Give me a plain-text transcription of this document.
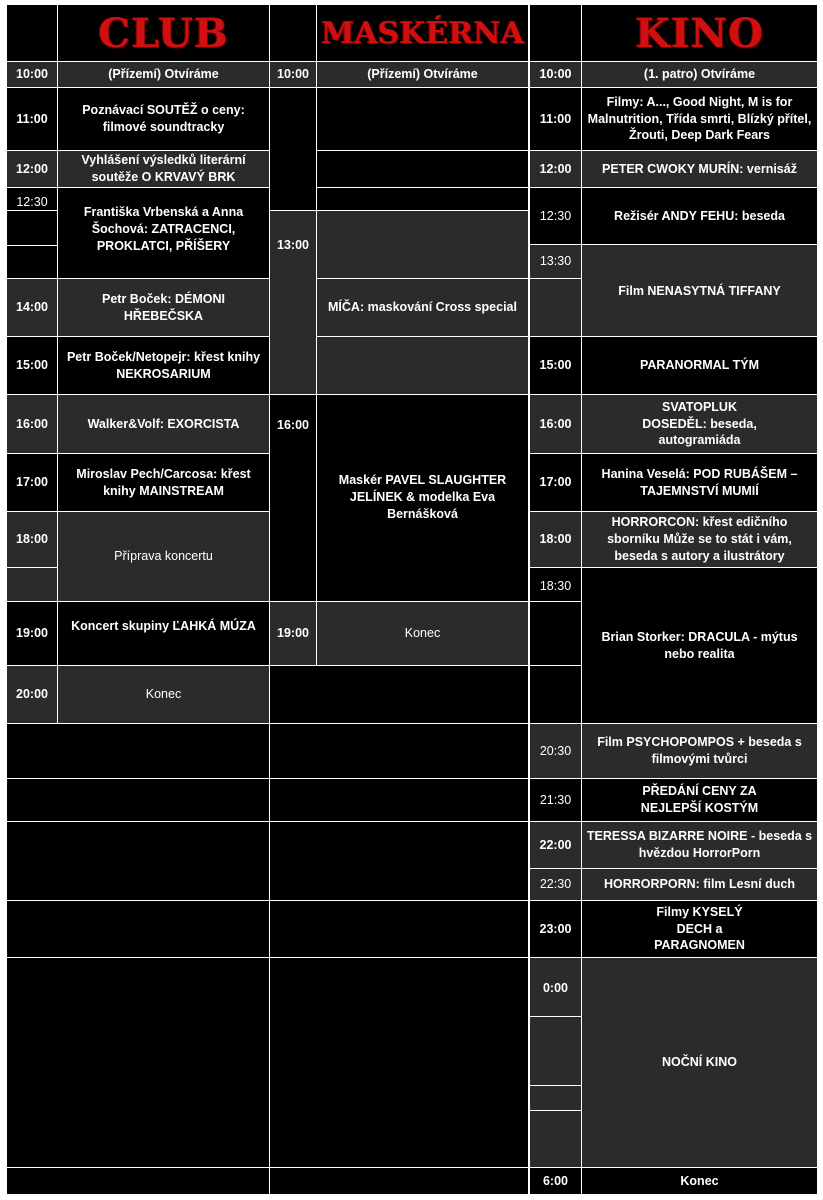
CLUB	MASKÉRNA	KINO
10:00
11:00
12:00
12:30
14:00
15:00
16:00
17:00
18:00
19:00
20:00
(Přízemí) Otvíráme
Poznávací SOUTĚŽ o ceny: filmové soundtracky
Vyhlášení výsledků literární soutěže O KRVAVÝ BRK
Františka Vrbenská a Anna Šochová: ZATRACENCI, PROKLATCI, PŘÍŠERY
Petr Boček: DÉMONI HŘEBEČSKA
Petr Boček/Netopejr: křest knihy NEKROSARIUM
Walker&Volf: EXORCISTA
Miroslav Pech/Carcosa: křest knihy MAINSTREAM
Příprava koncertu
Koncert skupiny ĽAHKÁ MÚZA
Konec
10:00
13:00
16:00
19:00
(Přízemí) Otvíráme
MÍČA: maskování Cross special
Maskér PAVEL SLAUGHTER JELÍNEK & modelka Eva Bernášková
Konec
10:00
11:00
12:00
12:30
13:30
15:00
16:00
17:00
18:00
18:30
20:30
21:30
22:00
22:30
23:00
0:00
6:00
(1. patro) Otvíráme
Filmy: A..., Good Night, M is for Malnutrition, Třída smrti, Blízký přítel, Žrouti, Deep Dark Fears
PETER CWOKY MURÍN: vernisáž
Režisér ANDY FEHU: beseda
Film NENASYTNÁ TIFFANY
PARANORMAL TÝM
SVATOPLUK DOSEDĚL: beseda, autogramiáda
Hanina Veselá: POD RUBÁŠEM – TAJEMNSTVÍ MUMIÍ
HORRORCON: křest edičního sborníku Může se to stát i vám, beseda s autory a ilustrátory
Brian Storker: DRACULA - mýtus nebo realita
Film PSYCHOPOMPOS + beseda s filmovými tvůrci
PŘEDÁNÍ CENY ZA NEJLEPŠÍ KOSTÝM
TERESSA BIZARRE NOIRE - beseda s hvězdou HorrorPorn
HORRORPORN: film Lesní duch
Filmy KYSELÝ DECH a PARAGNOMEN
NOČNÍ KINO
Konec
